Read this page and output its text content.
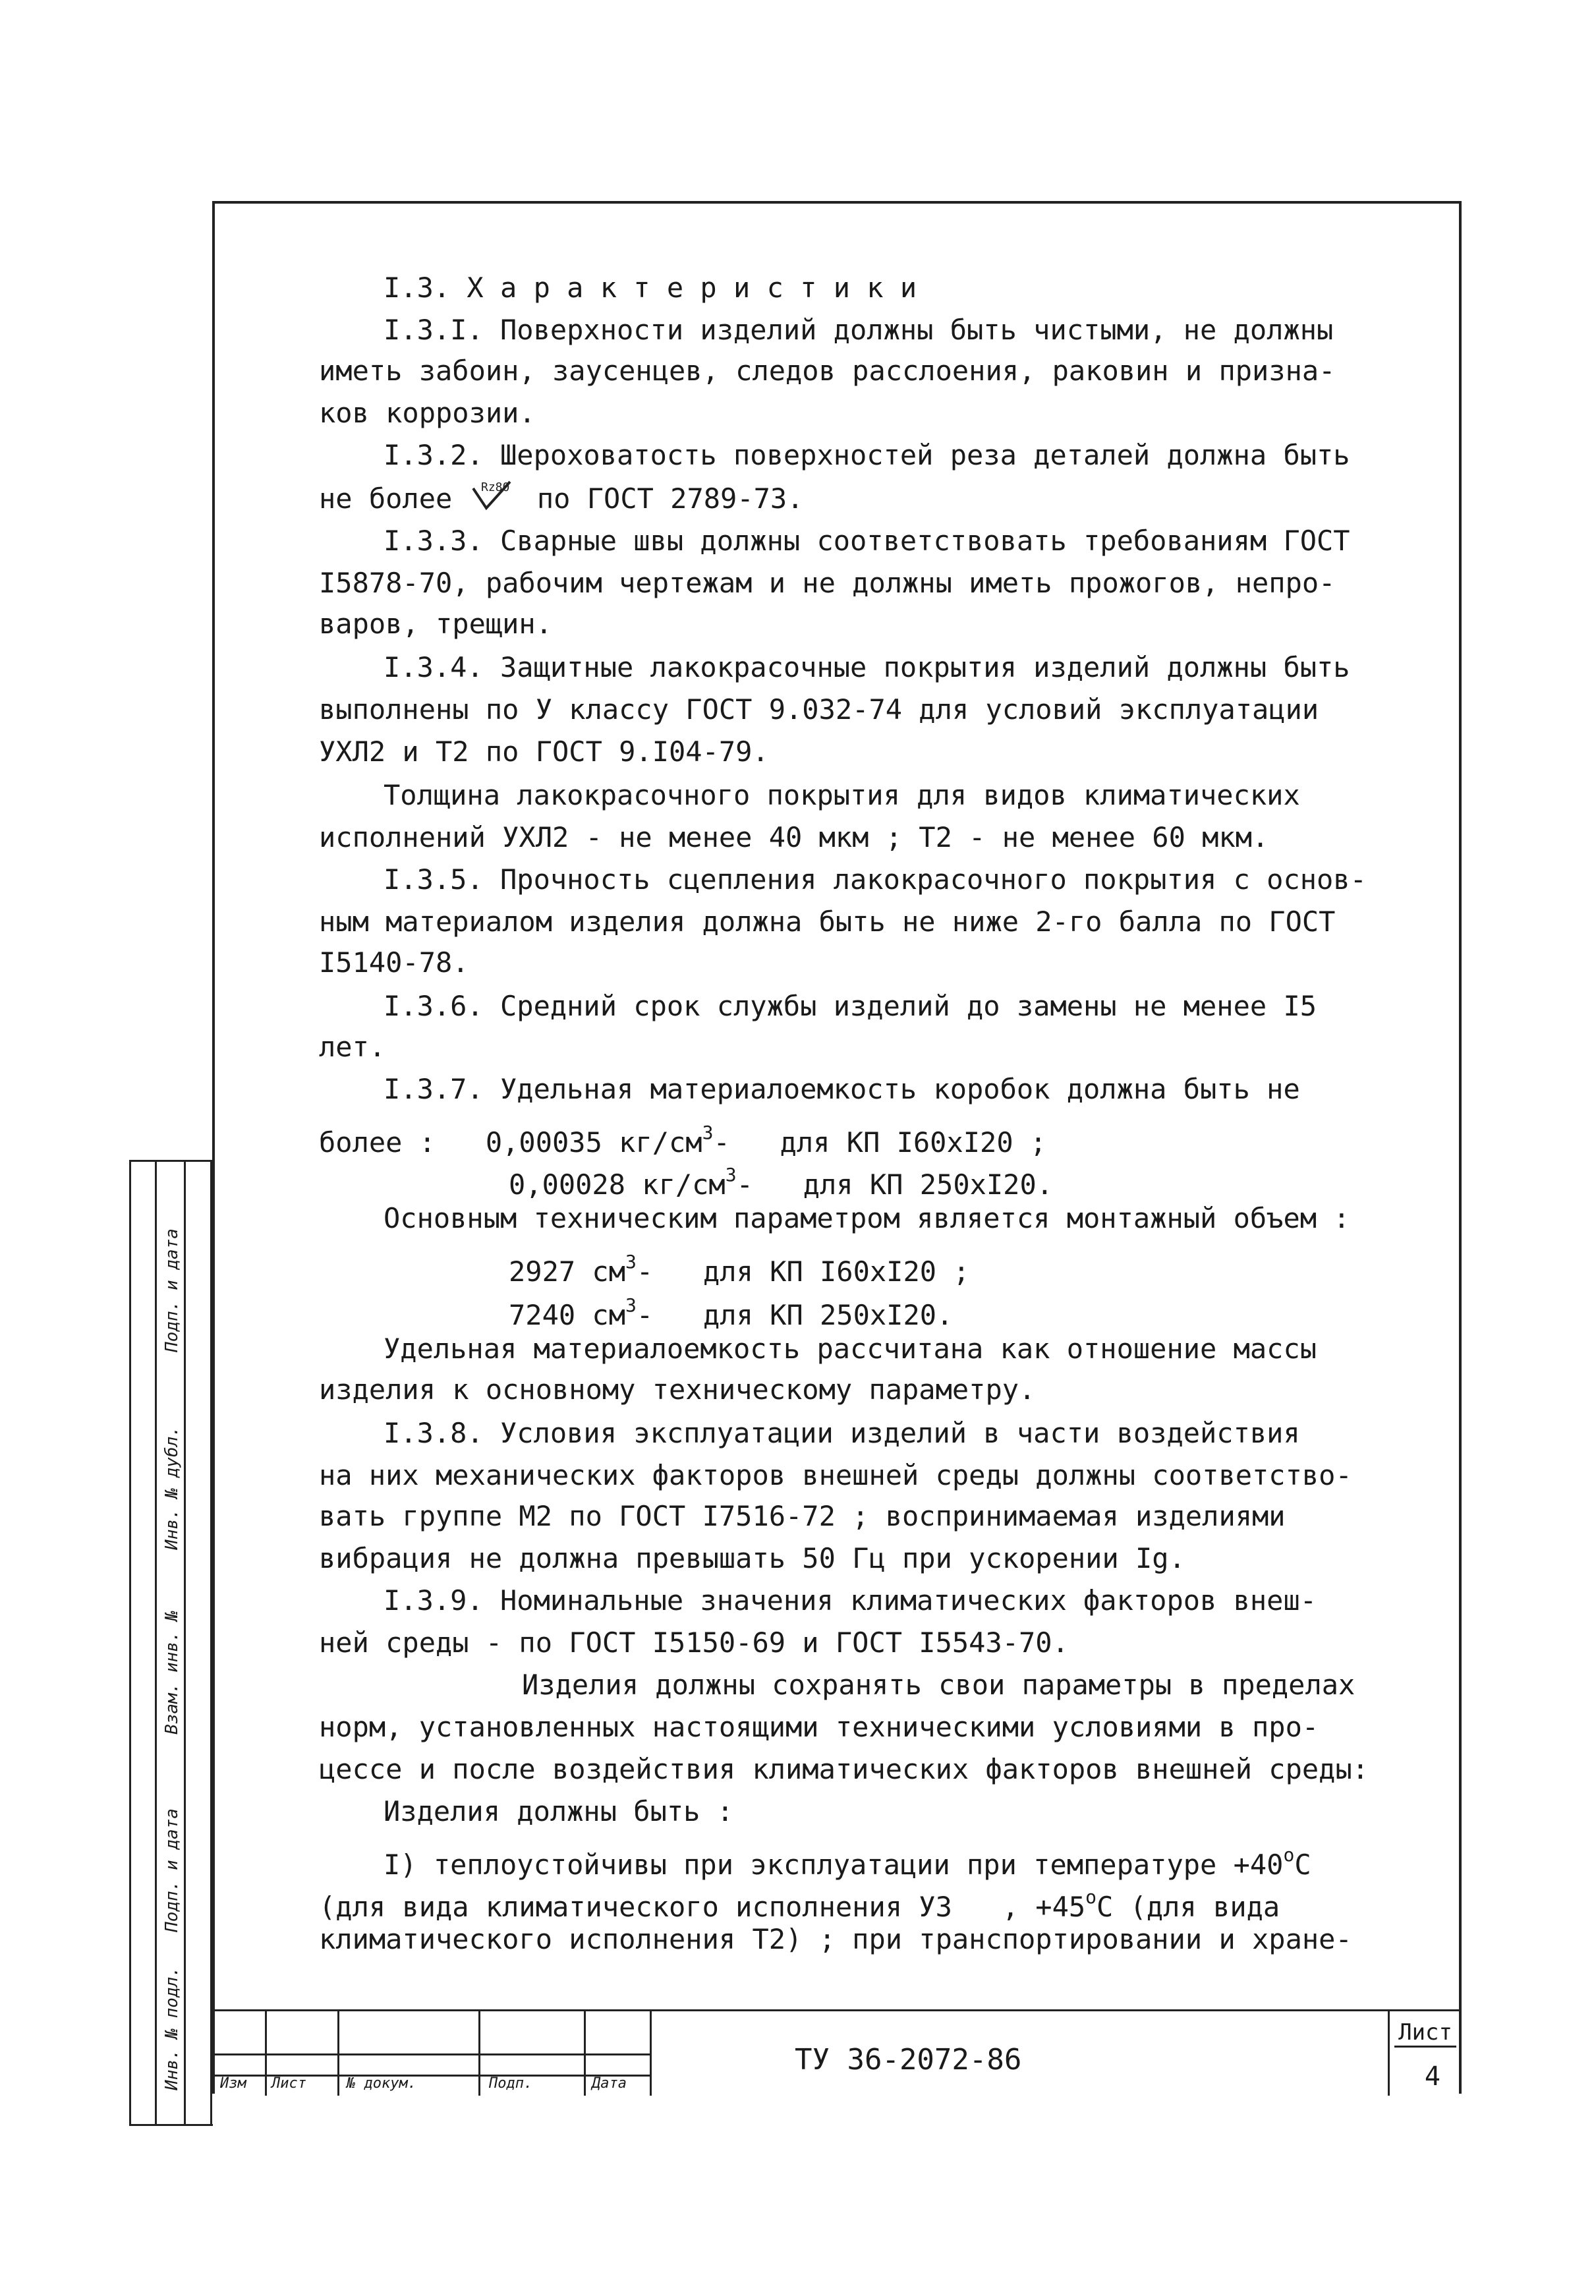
I.3. Х а р а к т е р и с т и к и
I.3.I. Поверхности изделий должны быть чистыми, не должны
иметь забоин, заусенцев, следов расслоения, раковин и призна-
ков коррозии.
I.3.2. Шероховатость поверхностей реза деталей должна быть
не более Rz80 по ГОСТ 2789-73.
I.3.3. Сварные швы должны соответствовать требованиям ГОСТ
I5878-70, рабочим чертежам и не должны иметь прожогов, непро-
варов, трещин.
I.3.4. Защитные лакокрасочные покрытия изделий должны быть
выполнены по У классу ГОСТ 9.032-74 для условий эксплуатации
УХЛ2 и Т2 по ГОСТ 9.I04-79.
Толщина лакокрасочного покрытия для видов климатических
исполнений УХЛ2 - не менее 40 мкм ; Т2 - не менее 60 мкм.
I.3.5. Прочность сцепления лакокрасочного покрытия с основ-
ным материалом изделия должна быть не ниже 2-го балла по ГОСТ
I5140-78.
I.3.6. Средний срок службы изделий до замены не менее I5
лет.
I.3.7. Удельная материалоемкость коробок должна быть не
более :   0,00035 $кг/см^3-$   для КП I60хI20 ;
0,00028 $кг/см^3-$   для КП 250хI20.
Основным техническим параметром является монтажный объем :
2927 $см^3-$   для КП I60хI20 ;
7240 $см^3-$   для КП 250хI20.
Удельная материалоемкость рассчитана как отношение массы
изделия к основному техническому параметру.
I.3.8. Условия эксплуатации изделий в части воздействия
на них механических факторов внешней среды должны соответство-
вать группе М2 по ГОСТ I7516-72 ; воспринимаемая изделиями
вибрация не должна превышать 50 Гц при ускорении Ig.
I.3.9. Номинальные значения климатических факторов внеш-
ней среды - по ГОСТ I5150-69 и ГОСТ I5543-70.
Изделия должны сохранять свои параметры в пределах
норм, установленных настоящими техническими условиями в про-
цессе и после воздействия климатических факторов внешней среды:
Изделия должны быть :
I) теплоустойчивы при эксплуатации при температуре $+40^oC$
(для вида климатического исполнения УЗ   , $+45^oC$ (для вида
климатического исполнения Т2) ; при транспортировании и хране-
Изм Лист	№ докум.	Подп.	Дата
ТУ 36-2072-86
Лист
4
Инв. № подл.
Подп. и дата
Взам. инв. №
Инв. № дубл.
Подп. и дата
